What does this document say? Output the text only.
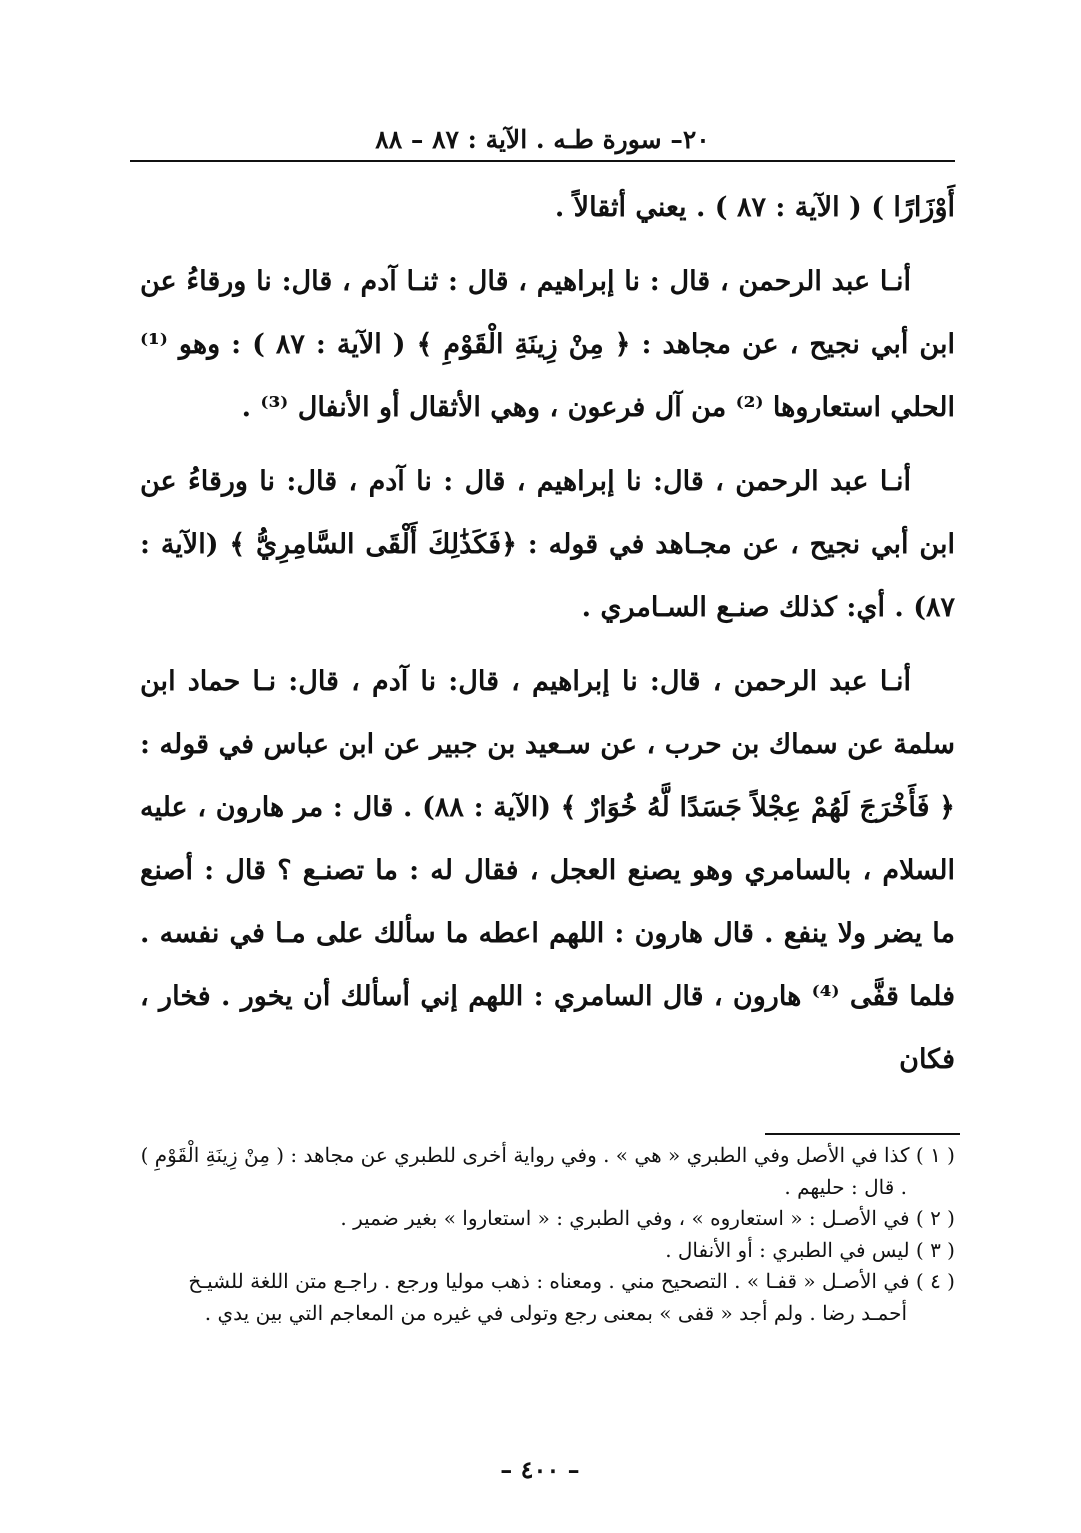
٢٠– سورة طـه . الآية : ٨٧ – ٨٨

أَوْزَارًا ) ( الآية : ٨٧ ) . يعني أثقالاً .

أنـا عبد الرحمن ، قال : نا إبراهيم ، قال : ثنـا آدم ، قال: نا ورقاءُ عن ابن أبي نجيح ، عن مجاهد : ﴿ مِنْ زِينَةِ الْقَوْمِ ﴾ ( الآية : ٨٧ ) : وهو ⁽¹⁾ الحلي استعاروها ⁽²⁾ من آل فرعون ، وهي الأثقال أو الأنفال ⁽³⁾ .

أنـا عبد الرحمن ، قال: نا إبراهيم ، قال : نا آدم ، قال: نا ورقاءُ عن ابن أبي نجيح ، عن مجـاهد في قوله : ﴿فَكَذَٰلِكَ أَلْقَى السَّامِرِيُّ ﴾ (الآية : ٨٧) . أي: كذلك صنـع السـامري .

أنـا عبد الرحمن ، قال: نا إبراهيم ، قال: نا آدم ، قال: نـا حماد ابن سلمة عن سماك بن حرب ، عن سـعيد بن جبير عن ابن عباس في قوله : ﴿ فَأَخْرَجَ لَهُمْ عِجْلاً جَسَدًا لَّهُ خُوَارٌ ﴾ (الآية : ٨٨) . قال : مر هارون ، عليه السلام ، بالسامري وهو يصنع العجل ، فقال له : ما تصنـع ؟ قال : أصنع ما يضر ولا ينفع . قال هارون : اللهم اعطه ما سألك على مـا في نفسه . فلما قفَّى ⁽⁴⁾ هارون ، قال السامري : اللهم إني أسألك أن يخور . فخار ، فكان

( ١ ) كذا في الأصل وفي الطبري « هي » . وفي رواية أخرى للطبري عن مجاهد : ( مِنْ زِينَةِ الْقَوْمِ ) . قال : حليهم .

( ٢ ) في الأصـل : « استعاروه » ، وفي الطبري : « استعاروا » بغير ضمير .

( ٣ ) ليس في الطبري : أو الأنفال .

( ٤ ) في الأصـل « قفـا » . التصحيح مني . ومعناه : ذهب موليا ورجع . راجـع متن اللغة للشيـخ أحمـد رضا . ولم أجد « قفى » بمعنى رجع وتولى في غيره من المعاجم التي بين يدي .

– ٤٠٠ –
